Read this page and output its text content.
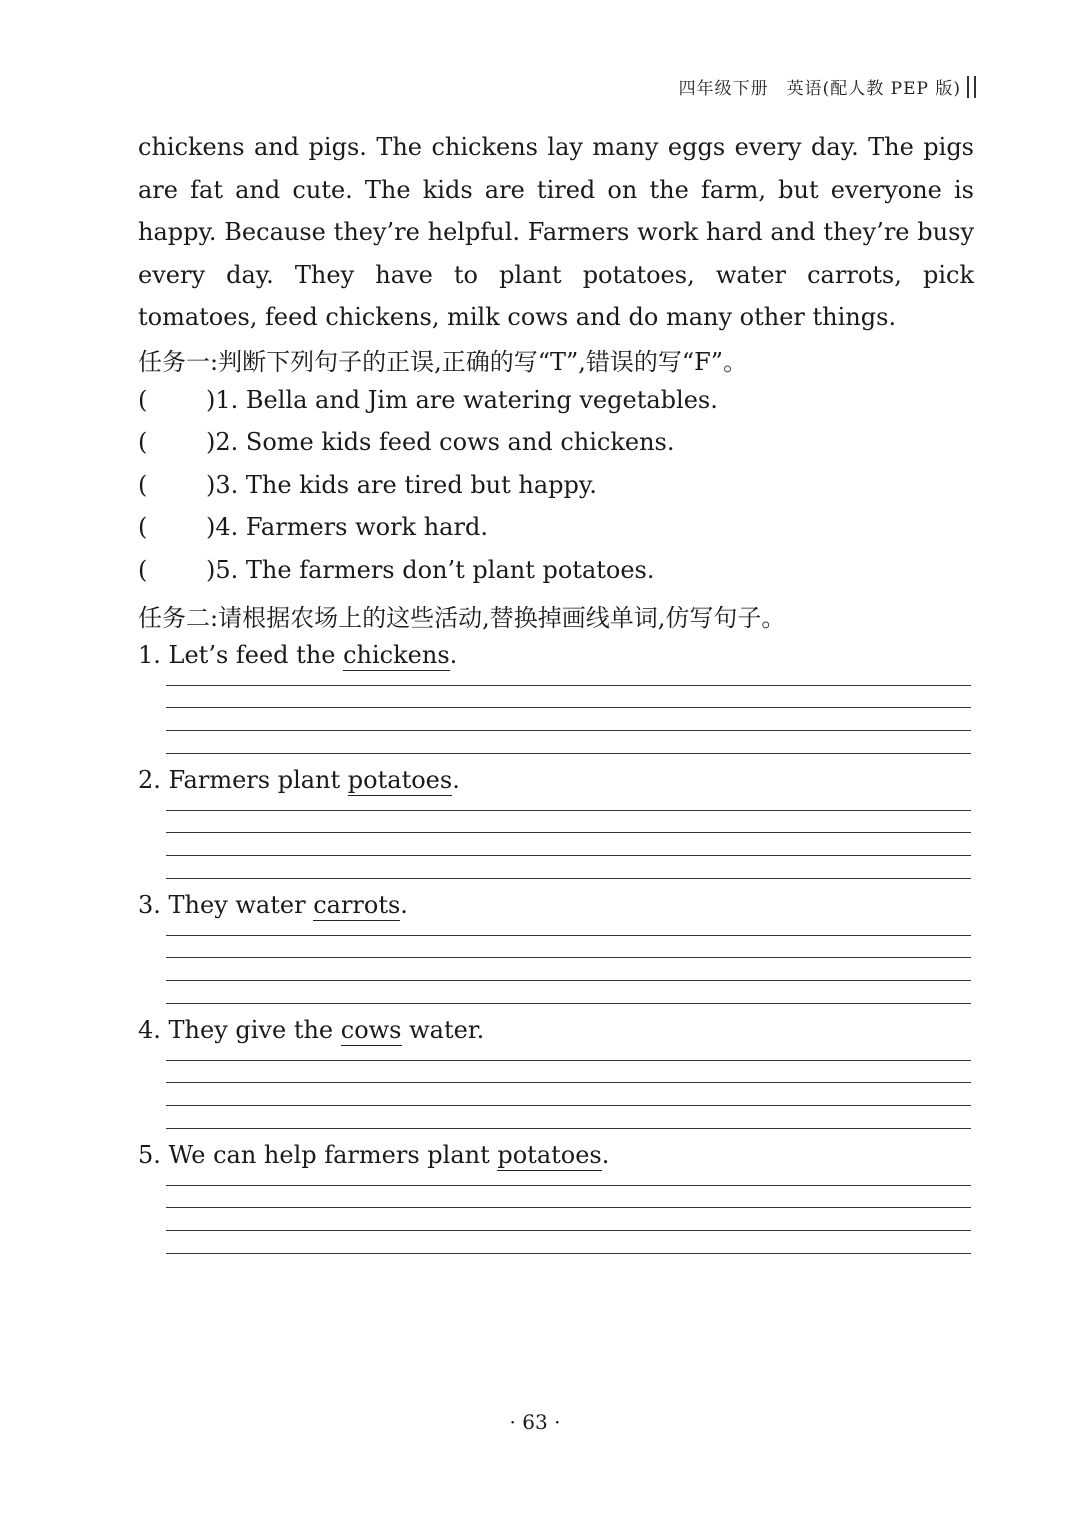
四年级下册　英语(配人教 PEP 版)
chickens and pigs. The chickens lay many eggs every day. The pigs
are fat and cute. The kids are tired on the farm, but everyone is
happy. Because they’re helpful. Farmers work hard and they’re busy
every day. They have to plant potatoes, water carrots, pick
tomatoes, feed chickens, milk cows and do many other things.
任务一:判断下列句子的正误,正确的写“T”,错误的写“F”。
( )1. Bella and Jim are watering vegetables.
( )2. Some kids feed cows and chickens.
( )3. The kids are tired but happy.
( )4. Farmers work hard.
( )5. The farmers don’t plant potatoes.
任务二:请根据农场上的这些活动,替换掉画线单词,仿写句子。
1. Let’s feed the chickens.
2. Farmers plant potatoes.
3. They water carrots.
4. They give the cows water.
5. We can help farmers plant potatoes.
· 63 ·
